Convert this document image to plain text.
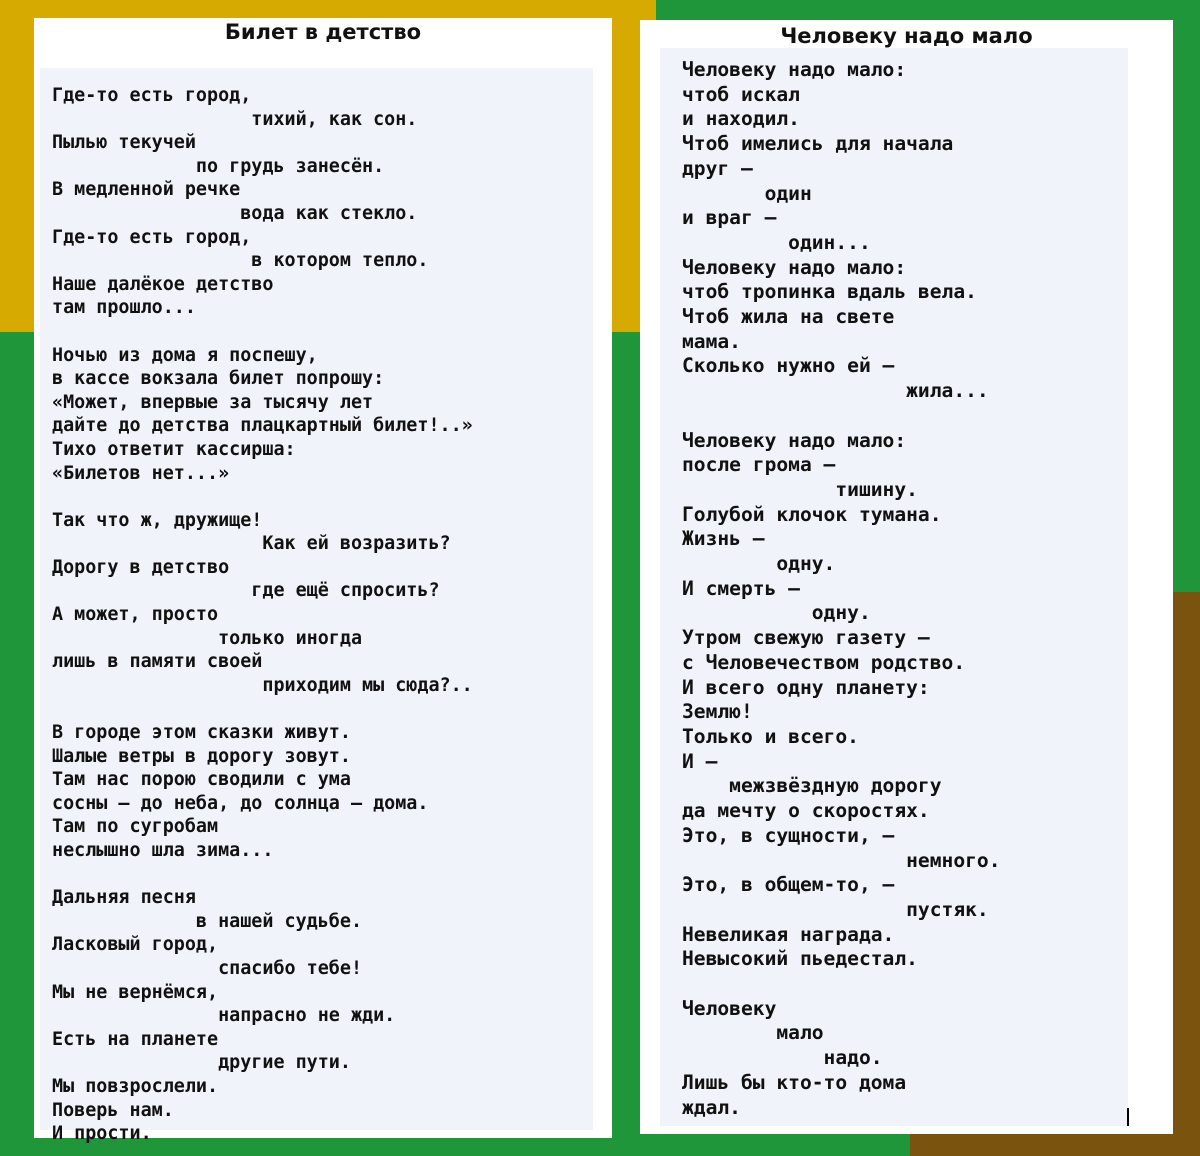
Билет в детство
Где-то есть город,
тихий, как сон.
Пылью текучей
по грудь занесён.
В медленной речке
вода как стекло.
Где-то есть город,
в котором тепло.
Наше далёкое детство
там прошло...

Ночью из дома я поспешу,
в кассе вокзала билет попрошу:
«Может, впервые за тысячу лет
дайте до детства плацкартный билет!..»
Тихо ответит кассирша:
«Билетов нет...»

Так что ж, дружище!
Как ей возразить?
Дорогу в детство
где ещё спросить?
А может, просто
только иногда
лишь в памяти своей
приходим мы сюда?..

В городе этом сказки живут.
Шалые ветры в дорогу зовут.
Там нас порою сводили с ума
сосны — до неба, до солнца — дома.
Там по сугробам
неслышно шла зима...

Дальняя песня
в нашей судьбе.
Ласковый город,
спасибо тебе!
Мы не вернёмся,
напрасно не жди.
Есть на планете
другие пути.
Мы повзрослели.
Поверь нам.
И прости.
Человеку надо мало
Человеку надо мало:
чтоб искал
и находил.
Чтоб имелись для начала
друг —
один
и враг —
один...
Человеку надо мало:
чтоб тропинка вдаль вела.
Чтоб жила на свете
мама.
Сколько нужно ей —
жила...

Человеку надо мало:
после грома —
тишину.
Голубой клочок тумана.
Жизнь —
одну.
И смерть —
одну.
Утром свежую газету —
с Человечеством родство.
И всего одну планету:
Землю!
Только и всего.
И —
межзвёздную дорогу
да мечту о скоростях.
Это, в сущности, —
немного.
Это, в общем-то, —
пустяк.
Невеликая награда.
Невысокий пьедестал.

Человеку
мало
надо.
Лишь бы кто-то дома
ждал.
